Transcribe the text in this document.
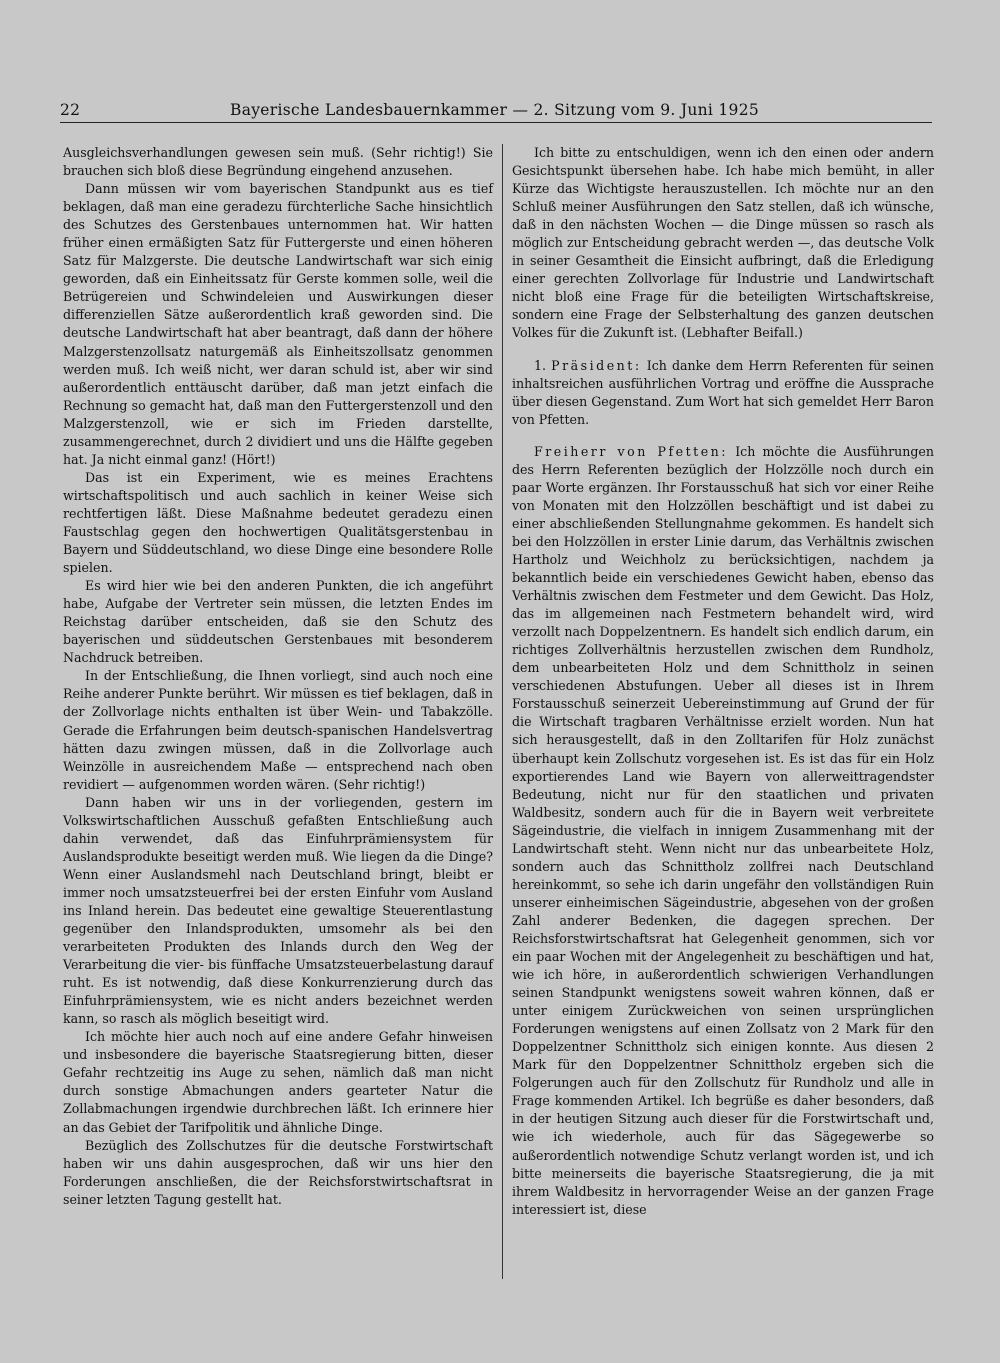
22	Bayerische Landesbauernkammer — 2. Sitzung vom 9. Juni 1925

Ausgleichsverhandlungen gewesen sein muß. (Sehr richtig!) Sie brauchen sich bloß diese Begründung eingehend anzusehen.

Dann müssen wir vom bayerischen Standpunkt aus es tief beklagen, daß man eine geradezu fürchterliche Sache hinsichtlich des Schutzes des Gerstenbaues unternommen hat. Wir hatten früher einen ermäßigten Satz für Futtergerste und einen höheren Satz für Malzgerste. Die deutsche Landwirtschaft war sich einig geworden, daß ein Einheitssatz für Gerste kommen solle, weil die Betrügereien und Schwindeleien und Auswirkungen dieser differenziellen Sätze außerordentlich kraß geworden sind. Die deutsche Landwirtschaft hat aber beantragt, daß dann der höhere Malzgerstenzollsatz naturgemäß als Einheitszollsatz genommen werden muß. Ich weiß nicht, wer daran schuld ist, aber wir sind außerordentlich enttäuscht darüber, daß man jetzt einfach die Rechnung so gemacht hat, daß man den Futtergerstenzoll und den Malzgerstenzoll, wie er sich im Frieden darstellte, zusammengerechnet, durch 2 dividiert und uns die Hälfte gegeben hat. Ja nicht einmal ganz! (Hört!)

Das ist ein Experiment, wie es meines Erachtens wirtschaftspolitisch und auch sachlich in keiner Weise sich rechtfertigen läßt. Diese Maßnahme bedeutet geradezu einen Faustschlag gegen den hochwertigen Qualitätsgerstenbau in Bayern und Süddeutschland, wo diese Dinge eine besondere Rolle spielen.

Es wird hier wie bei den anderen Punkten, die ich angeführt habe, Aufgabe der Vertreter sein müssen, die letzten Endes im Reichstag darüber entscheiden, daß sie den Schutz des bayerischen und süddeutschen Gerstenbaues mit besonderem Nachdruck betreiben.

In der Entschließung, die Ihnen vorliegt, sind auch noch eine Reihe anderer Punkte berührt. Wir müssen es tief beklagen, daß in der Zollvorlage nichts enthalten ist über Wein- und Tabakzölle. Gerade die Erfahrungen beim deutsch-spanischen Handelsvertrag hätten dazu zwingen müssen, daß in die Zollvorlage auch Weinzölle in ausreichendem Maße — entsprechend nach oben revidiert — aufgenommen worden wären. (Sehr richtig!)

Dann haben wir uns in der vorliegenden, gestern im Volkswirtschaftlichen Ausschuß gefaßten Entschließung auch dahin verwendet, daß das Einfuhrprämiensystem für Auslandsprodukte beseitigt werden muß. Wie liegen da die Dinge? Wenn einer Auslandsmehl nach Deutschland bringt, bleibt er immer noch umsatzsteuerfrei bei der ersten Einfuhr vom Ausland ins Inland herein. Das bedeutet eine gewaltige Steuerentlastung gegenüber den Inlandsprodukten, umsomehr als bei den verarbeiteten Produkten des Inlands durch den Weg der Verarbeitung die vier- bis fünffache Umsatzsteuerbelastung darauf ruht. Es ist notwendig, daß diese Konkurrenzierung durch das Einfuhrprämiensystem, wie es nicht anders bezeichnet werden kann, so rasch als möglich beseitigt wird.

Ich möchte hier auch noch auf eine andere Gefahr hinweisen und insbesondere die bayerische Staatsregierung bitten, dieser Gefahr rechtzeitig ins Auge zu sehen, nämlich daß man nicht durch sonstige Abmachungen anders gearteter Natur die Zollabmachungen irgendwie durchbrechen läßt. Ich erinnere hier an das Gebiet der Tarifpolitik und ähnliche Dinge.

Bezüglich des Zollschutzes für die deutsche Forstwirtschaft haben wir uns dahin ausgesprochen, daß wir uns hier den Forderungen anschließen, die der Reichsforstwirtschaftsrat in seiner letzten Tagung gestellt hat.

Ich bitte zu entschuldigen, wenn ich den einen oder andern Gesichtspunkt übersehen habe. Ich habe mich bemüht, in aller Kürze das Wichtigste herauszustellen. Ich möchte nur an den Schluß meiner Ausführungen den Satz stellen, daß ich wünsche, daß in den nächsten Wochen — die Dinge müssen so rasch als möglich zur Entscheidung gebracht werden —, das deutsche Volk in seiner Gesamtheit die Einsicht aufbringt, daß die Erledigung einer gerechten Zollvorlage für Industrie und Landwirtschaft nicht bloß eine Frage für die beteiligten Wirtschaftskreise, sondern eine Frage der Selbsterhaltung des ganzen deutschen Volkes für die Zukunft ist. (Lebhafter Beifall.)

1. Präsident: Ich danke dem Herrn Referenten für seinen inhaltsreichen ausführlichen Vortrag und eröffne die Aussprache über diesen Gegenstand. Zum Wort hat sich gemeldet Herr Baron von Pfetten.

Freiherr von Pfetten: Ich möchte die Ausführungen des Herrn Referenten bezüglich der Holzzölle noch durch ein paar Worte ergänzen. Ihr Forstausschuß hat sich vor einer Reihe von Monaten mit den Holzzöllen beschäftigt und ist dabei zu einer abschließenden Stellungnahme gekommen. Es handelt sich bei den Holzzöllen in erster Linie darum, das Verhältnis zwischen Hartholz und Weichholz zu berücksichtigen, nachdem ja bekanntlich beide ein verschiedenes Gewicht haben, ebenso das Verhältnis zwischen dem Festmeter und dem Gewicht. Das Holz, das im allgemeinen nach Festmetern behandelt wird, wird verzollt nach Doppelzentnern. Es handelt sich endlich darum, ein richtiges Zollverhältnis herzustellen zwischen dem Rundholz, dem unbearbeiteten Holz und dem Schnittholz in seinen verschiedenen Abstufungen. Ueber all dieses ist in Ihrem Forstausschuß seinerzeit Uebereinstimmung auf Grund der für die Wirtschaft tragbaren Verhältnisse erzielt worden. Nun hat sich herausgestellt, daß in den Zolltarifen für Holz zunächst überhaupt kein Zollschutz vorgesehen ist. Es ist das für ein Holz exportierendes Land wie Bayern von allerweittragendster Bedeutung, nicht nur für den staatlichen und privaten Waldbesitz, sondern auch für die in Bayern weit verbreitete Sägeindustrie, die vielfach in innigem Zusammenhang mit der Landwirtschaft steht. Wenn nicht nur das unbearbeitete Holz, sondern auch das Schnittholz zollfrei nach Deutschland hereinkommt, so sehe ich darin ungefähr den vollständigen Ruin unserer einheimischen Sägeindustrie, abgesehen von der großen Zahl anderer Bedenken, die dagegen sprechen. Der Reichsforstwirtschaftsrat hat Gelegenheit genommen, sich vor ein paar Wochen mit der Angelegenheit zu beschäftigen und hat, wie ich höre, in außerordentlich schwierigen Verhandlungen seinen Standpunkt wenigstens soweit wahren können, daß er unter einigem Zurückweichen von seinen ursprünglichen Forderungen wenigstens auf einen Zollsatz von 2 Mark für den Doppelzentner Schnittholz sich einigen konnte. Aus diesen 2 Mark für den Doppelzentner Schnittholz ergeben sich die Folgerungen auch für den Zollschutz für Rundholz und alle in Frage kommenden Artikel. Ich begrüße es daher besonders, daß in der heutigen Sitzung auch dieser für die Forstwirtschaft und, wie ich wiederhole, auch für das Sägegewerbe so außerordentlich notwendige Schutz verlangt worden ist, und ich bitte meinerseits die bayerische Staatsregierung, die ja mit ihrem Waldbesitz in hervorragender Weise an der ganzen Frage interessiert ist, diese
